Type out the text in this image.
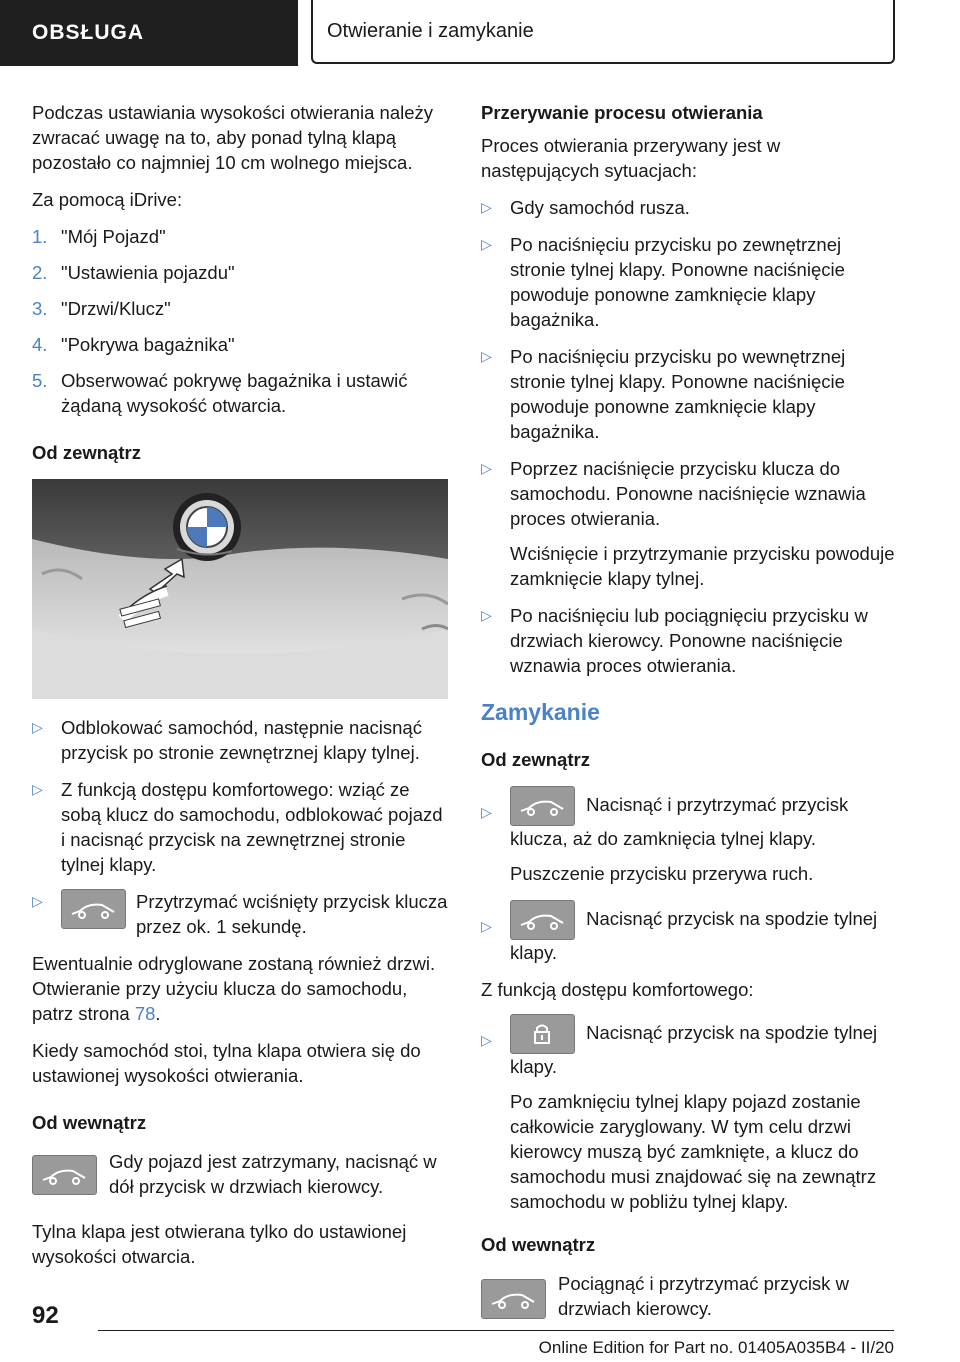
OBSŁUGA	Otwieranie i zamykanie

Podczas ustawiania wysokości otwierania należy zwracać uwagę na to, aby ponad tylną klapą pozostało co najmniej 10 cm wolnego miejsca.

Za pomocą iDrive:

1. "Mój Pojazd"
2. "Ustawienia pojazdu"
3. "Drzwi/Klucz"
4. "Pokrywa bagażnika"
5. Obserwować pokrywę bagażnika i ustawić żądaną wysokość otwarcia.

Od zewnątrz

▷ Odblokować samochód, następnie nacisnąć przycisk po stronie zewnętrznej klapy tylnej.
▷ Z funkcją dostępu komfortowego: wziąć ze sobą klucz do samochodu, odblokować pojazd i nacisnąć przycisk na zewnętrznej stronie tylnej klapy.
▷	Przytrzymać wciśnięty przycisk klucza przez ok. 1 sekundę.

Ewentualnie odryglowane zostaną również drzwi.

Otwieranie przy użyciu klucza do samochodu, patrz strona 78.

Kiedy samochód stoi, tylna klapa otwiera się do ustawionej wysokości otwierania.

Od wewnątrz

Gdy pojazd jest zatrzymany, nacisnąć w dół przycisk w drzwiach kierowcy.

Tylna klapa jest otwierana tylko do ustawionej wysokości otwarcia.

Przerywanie procesu otwierania

Proces otwierania przerywany jest w następujących sytuacjach:

▷ Gdy samochód rusza.
▷ Po naciśnięciu przycisku po zewnętrznej stronie tylnej klapy. Ponowne naciśnięcie powoduje ponowne zamknięcie klapy bagażnika.
▷ Po naciśnięciu przycisku po wewnętrznej stronie tylnej klapy. Ponowne naciśnięcie powoduje ponowne zamknięcie klapy bagażnika.
▷ Poprzez naciśnięcie przycisku klucza do samochodu. Ponowne naciśnięcie wznawia proces otwierania.
Wciśnięcie i przytrzymanie przycisku powoduje zamknięcie klapy tylnej.
▷ Po naciśnięciu lub pociągnięciu przycisku w drzwiach kierowcy. Ponowne naciśnięcie wznawia proces otwierania.

Zamykanie

Od zewnątrz

▷	Nacisnąć i przytrzymać przycisk klucza, aż do zamknięcia tylnej klapy.
Puszczenie przycisku przerywa ruch.
▷	Nacisnąć przycisk na spodzie tylnej klapy.

Z funkcją dostępu komfortowego:

▷	Nacisnąć przycisk na spodzie tylnej klapy.
Po zamknięciu tylnej klapy pojazd zostanie całkowicie zaryglowany. W tym celu drzwi kierowcy muszą być zamknięte, a klucz do samochodu musi znajdować się na zewnątrz samochodu w pobliżu tylnej klapy.

Od wewnątrz

Pociągnąć i przytrzymać przycisk w drzwiach kierowcy.
92
Online Edition for Part no. 01405A035B4 - II/20
